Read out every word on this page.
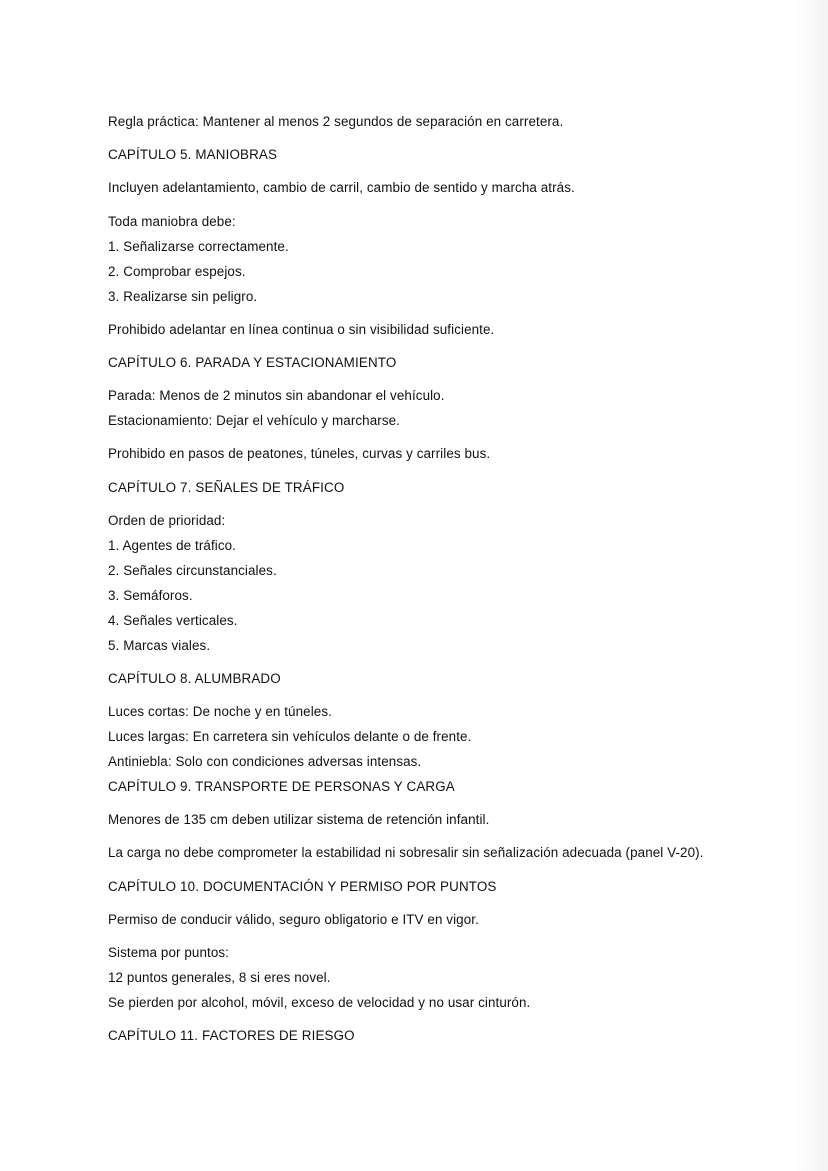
Regla práctica: Mantener al menos 2 segundos de separación en carretera.
CAPÍTULO 5. MANIOBRAS
Incluyen adelantamiento, cambio de carril, cambio de sentido y marcha atrás.
Toda maniobra debe:
1. Señalizarse correctamente.
2. Comprobar espejos.
3. Realizarse sin peligro.
Prohibido adelantar en línea continua o sin visibilidad suficiente.
CAPÍTULO 6. PARADA Y ESTACIONAMIENTO
Parada: Menos de 2 minutos sin abandonar el vehículo.
Estacionamiento: Dejar el vehículo y marcharse.
Prohibido en pasos de peatones, túneles, curvas y carriles bus.
CAPÍTULO 7. SEÑALES DE TRÁFICO
Orden de prioridad:
1. Agentes de tráfico.
2. Señales circunstanciales.
3. Semáforos.
4. Señales verticales.
5. Marcas viales.
CAPÍTULO 8. ALUMBRADO
Luces cortas: De noche y en túneles.
Luces largas: En carretera sin vehículos delante o de frente.
Antiniebla: Solo con condiciones adversas intensas.
CAPÍTULO 9. TRANSPORTE DE PERSONAS Y CARGA
Menores de 135 cm deben utilizar sistema de retención infantil.
La carga no debe comprometer la estabilidad ni sobresalir sin señalización adecuada (panel V-20).
CAPÍTULO 10. DOCUMENTACIÓN Y PERMISO POR PUNTOS
Permiso de conducir válido, seguro obligatorio e ITV en vigor.
Sistema por puntos:
12 puntos generales, 8 si eres novel.
Se pierden por alcohol, móvil, exceso de velocidad y no usar cinturón.
CAPÍTULO 11. FACTORES DE RIESGO
